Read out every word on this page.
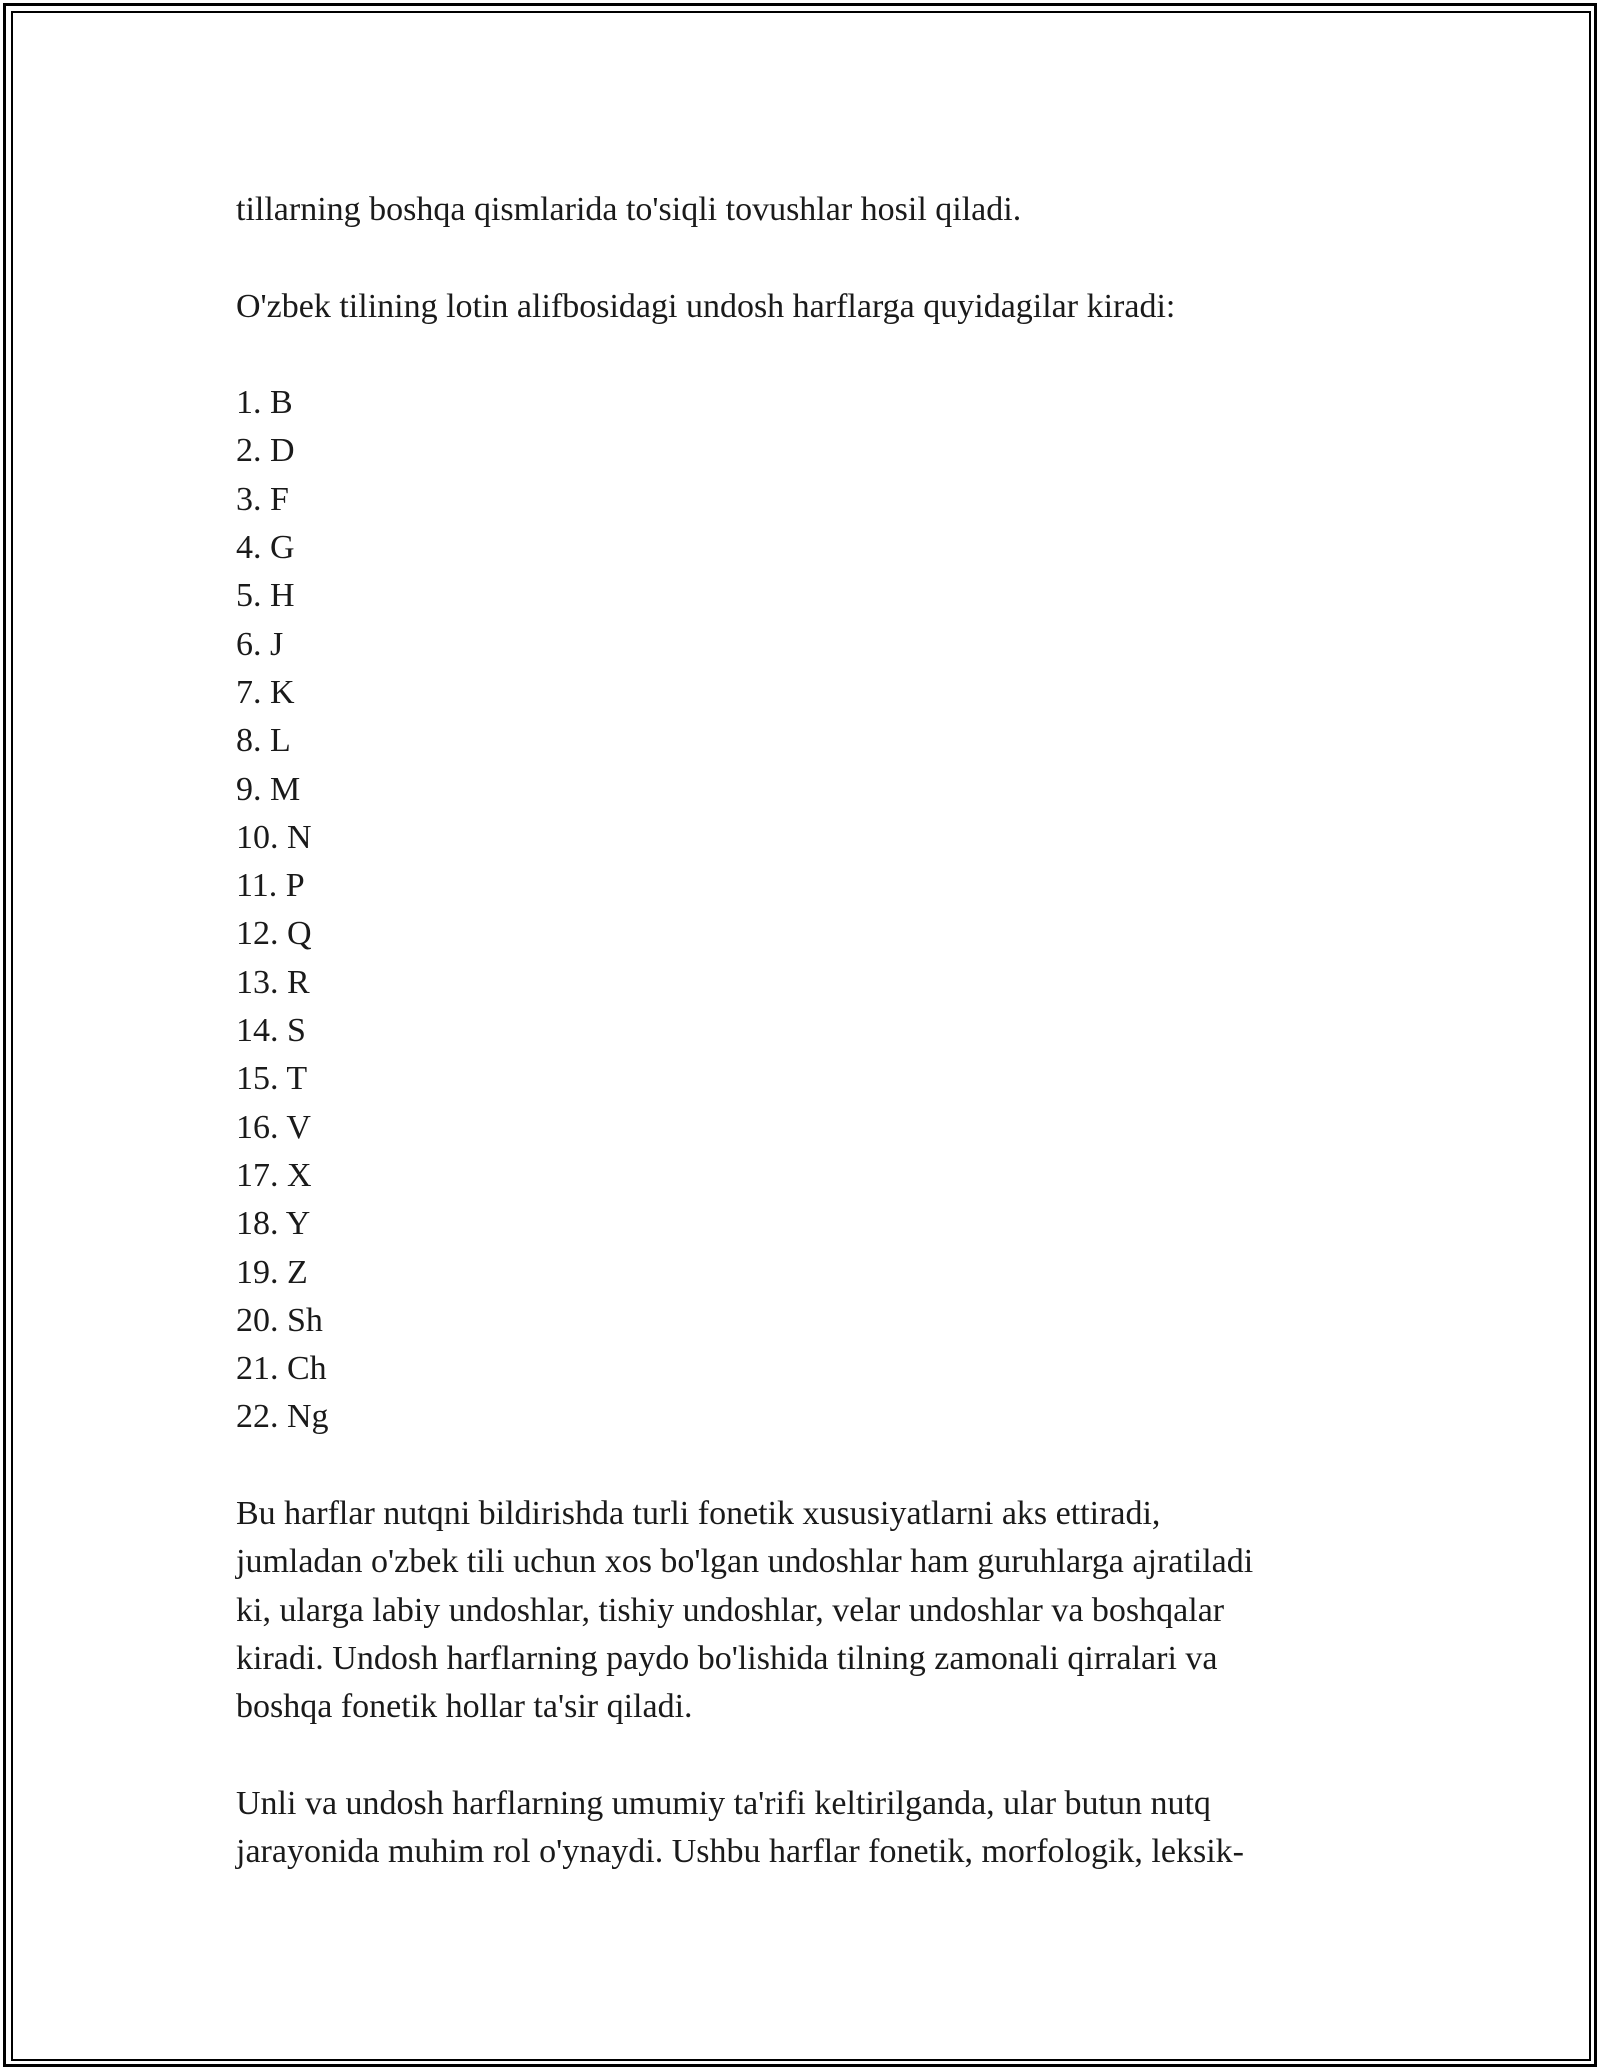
tillarning boshqa qismlarida to'siqli tovushlar hosil qiladi.

O'zbek tilining lotin alifbosidagi undosh harflarga quyidagilar kiradi:

1. B
2. D
3. F
4. G
5. H
6. J
7. K
8. L
9. M
10. N
11. P
12. Q
13. R
14. S
15. T
16. V
17. X
18. Y
19. Z
20. Sh
21. Ch
22. Ng
Bu harflar nutqni bildirishda turli fonetik xususiyatlarni aks ettiradi,
jumladan o'zbek tili uchun xos bo'lgan undoshlar ham guruhlarga ajratiladi
ki, ularga labiy undoshlar, tishiy undoshlar, velar undoshlar va boshqalar
kiradi. Undosh harflarning paydo bo'lishida tilning zamonali qirralari va
boshqa fonetik hollar ta'sir qiladi.
Unli va undosh harflarning umumiy ta'rifi keltirilganda, ular butun nutq
jarayonida muhim rol o'ynaydi. Ushbu harflar fonetik, morfologik, leksik-
